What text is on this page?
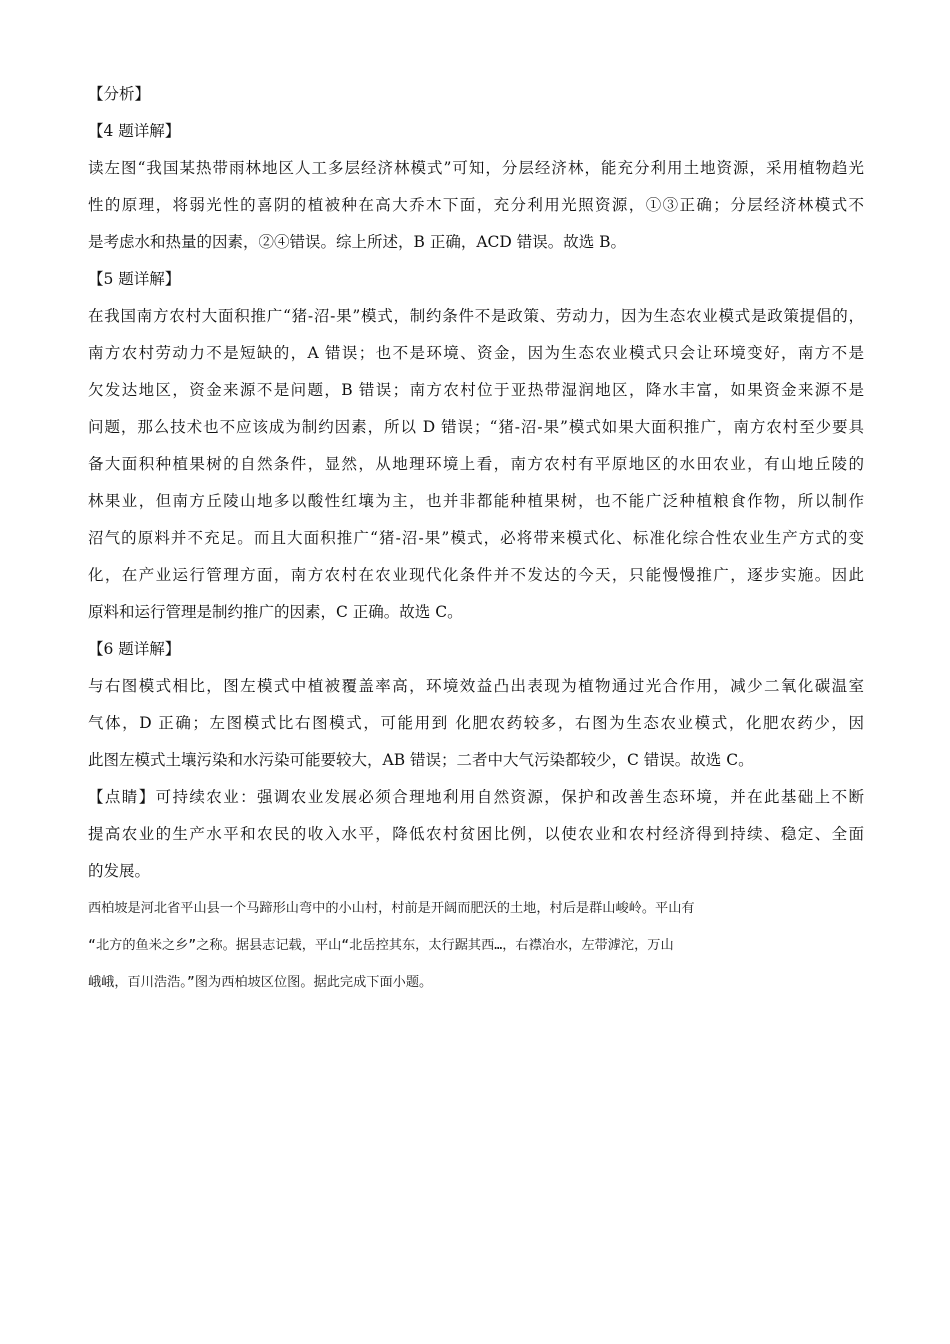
【分析】
【4 题详解】

读左图“我国某热带雨林地区人工多层经济林模式”可知，分层经济林，能充分利用土地资源，采用植物趋光
性的原理，将弱光性的喜阴的植被种在高大乔木下面，充分利用光照资源，①③正确；分层经济林模式不
是考虑水和热量的因素，②④错误。综上所述，B 正确，ACD 错误。故选 B。

【5 题详解】

在我国南方农村大面积推广“猪-沼-果”模式，制约条件不是政策、劳动力，因为生态农业模式是政策提倡的，
南方农村劳动力不是短缺的，A 错误；也不是环境、资金，因为生态农业模式只会让环境变好，南方不是
欠发达地区，资金来源不是问题，B 错误；南方农村位于亚热带湿润地区，降水丰富，如果资金来源不是
问题，那么技术也不应该成为制约因素，所以 D 错误；“猪-沼-果”模式如果大面积推广，南方农村至少要具
备大面积种植果树的自然条件，显然，从地理环境上看，南方农村有平原地区的水田农业，有山地丘陵的
林果业，但南方丘陵山地多以酸性红壤为主，也并非都能种植果树，也不能广泛种植粮食作物，所以制作
沼气的原料并不充足。而且大面积推广“猪-沼-果”模式，必将带来模式化、标准化综合性农业生产方式的变
化，在产业运行管理方面，南方农村在农业现代化条件并不发达的今天，只能慢慢推广，逐步实施。因此
原料和运行管理是制约推广的因素，C 正确。故选 C。

【6 题详解】

与右图模式相比，图左模式中植被覆盖率高，环境效益凸出表现为植物通过光合作用，减少二氧化碳温室
气体，D 正确；左图模式比右图模式，可能用到 化肥农药较多，右图为生态农业模式，化肥农药少，因
此图左模式土壤污染和水污染可能要较大，AB 错误；二者中大气污染都较少，C 错误。故选 C。

【点睛】可持续农业：强调农业发展必须合理地利用自然资源，保护和改善生态环境，并在此基础上不断
提高农业的生产水平和农民的收入水平，降低农村贫困比例，以使农业和农村经济得到持续、稳定、全面
的发展。

西柏坡是河北省平山县一个马蹄形山弯中的小山村，村前是开阔而肥沃的土地，村后是群山峻岭。平山有
“北方的鱼米之乡”之称。据县志记载，平山“北岳控其东，太行踞其西…，右襟冶水，左带滹沱，万山
峨峨，百川浩浩。”图为西柏坡区位图。据此完成下面小题。
